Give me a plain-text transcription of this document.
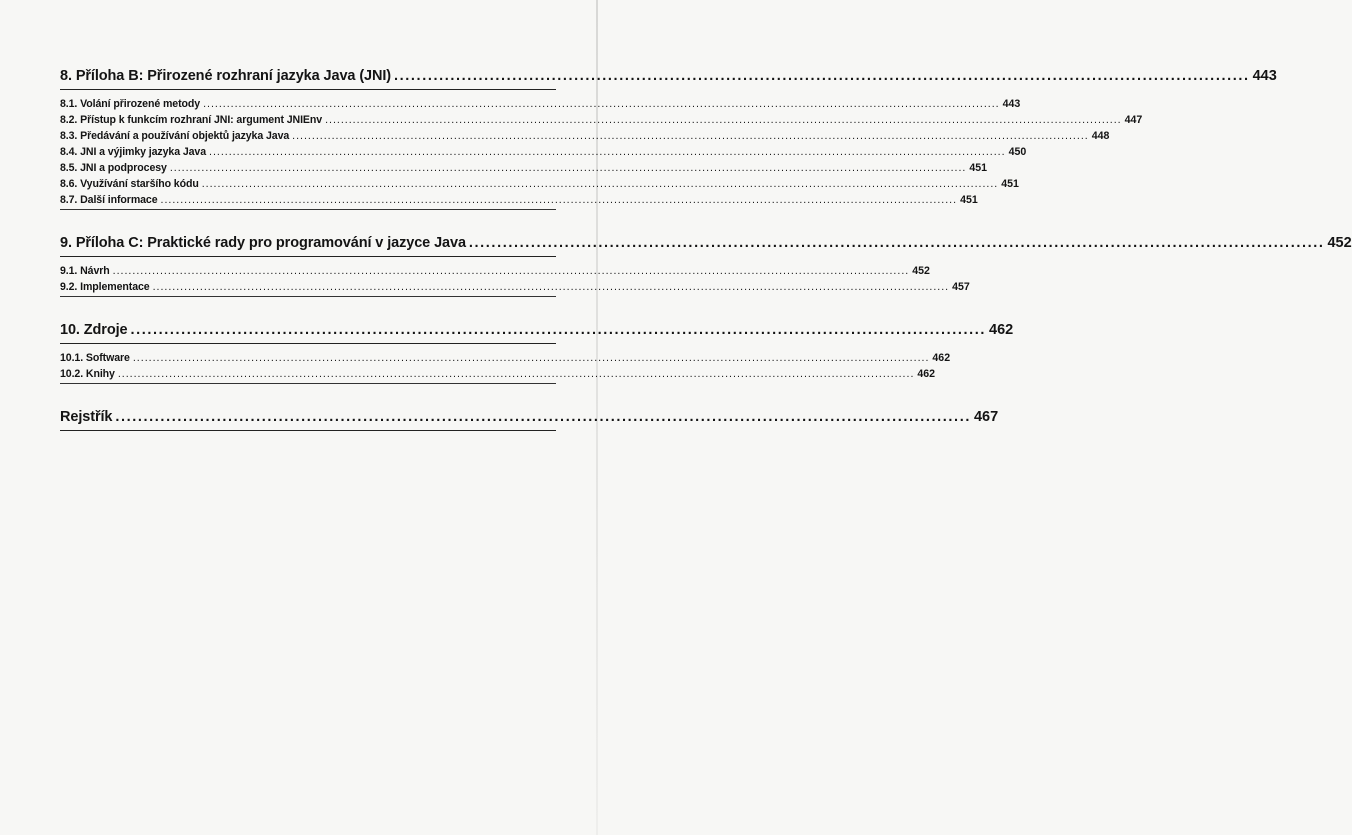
8. Příloha B: Přirozené rozhraní jazyka Java (JNI) ........................................................................................................................................................ 443
8.1. Volání přirozené metody .......................................................................................................................................................................................................... 443
8.2. Přístup k funkcím rozhraní JNI: argument JNIEnv .......................................................................................................................................................................................................... 447
8.3. Předávání a používání objektů jazyka Java .......................................................................................................................................................................................................... 448
8.4. JNI a výjimky jazyka Java .......................................................................................................................................................................................................... 450
8.5. JNI a podprocesy .......................................................................................................................................................................................................... 451
8.6. Využívání staršího kódu .......................................................................................................................................................................................................... 451
8.7. Další informace .......................................................................................................................................................................................................... 451
9. Příloha C: Praktické rady pro programování v jazyce Java ........................................................................................................................................................ 452
9.1. Návrh .......................................................................................................................................................................................................... 452
9.2. Implementace .......................................................................................................................................................................................................... 457
10. Zdroje ........................................................................................................................................................ 462
10.1. Software .......................................................................................................................................................................................................... 462
10.2. Knihy .......................................................................................................................................................................................................... 462
Rejstřík ........................................................................................................................................................ 467
